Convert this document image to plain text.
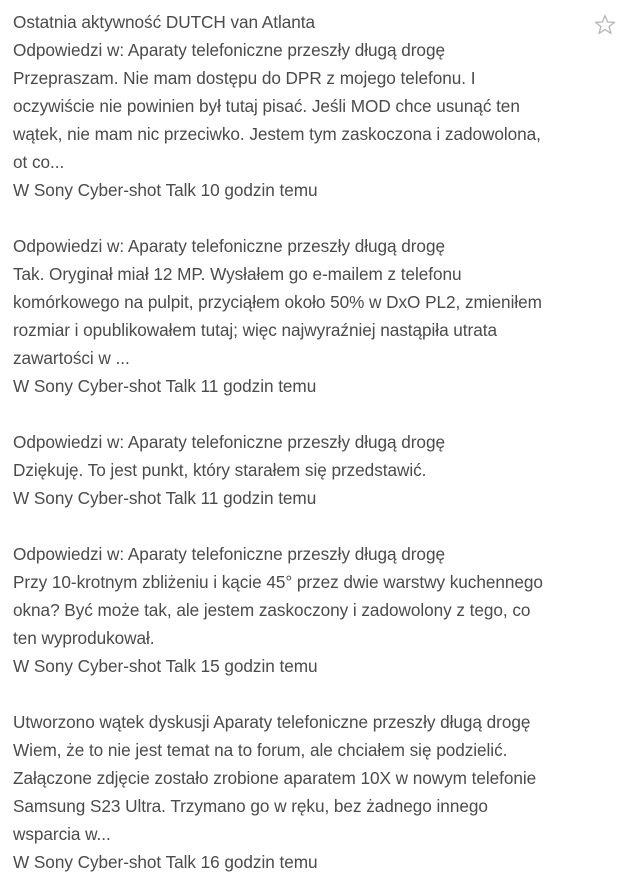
Ostatnia aktywność DUTCH van Atlanta
Odpowiedzi w: Aparaty telefoniczne przeszły długą drogę
Przepraszam. Nie mam dostępu do DPR z mojego telefonu. I
oczywiście nie powinien był tutaj pisać. Jeśli MOD chce usunąć ten
wątek, nie mam nic przeciwko. Jestem tym zaskoczona i zadowolona,
ot co...
W Sony Cyber-shot Talk 10 godzin temu
Odpowiedzi w: Aparaty telefoniczne przeszły długą drogę
Tak. Oryginał miał 12 MP. Wysłałem go e-mailem z telefonu
komórkowego na pulpit, przyciąłem około 50% w DxO PL2, zmieniłem
rozmiar i opublikowałem tutaj; więc najwyraźniej nastąpiła utrata
zawartości w ...
W Sony Cyber-shot Talk 11 godzin temu
Odpowiedzi w: Aparaty telefoniczne przeszły długą drogę
Dziękuję. To jest punkt, który starałem się przedstawić.
W Sony Cyber-shot Talk 11 godzin temu
Odpowiedzi w: Aparaty telefoniczne przeszły długą drogę
Przy 10-krotnym zbliżeniu i kącie 45° przez dwie warstwy kuchennego
okna? Być może tak, ale jestem zaskoczony i zadowolony z tego, co
ten wyprodukował.
W Sony Cyber-shot Talk 15 godzin temu
Utworzono wątek dyskusji Aparaty telefoniczne przeszły długą drogę
Wiem, że to nie jest temat na to forum, ale chciałem się podzielić.
Załączone zdjęcie zostało zrobione aparatem 10X w nowym telefonie
Samsung S23 Ultra. Trzymano go w ręku, bez żadnego innego
wsparcia w...
W Sony Cyber-shot Talk 16 godzin temu
